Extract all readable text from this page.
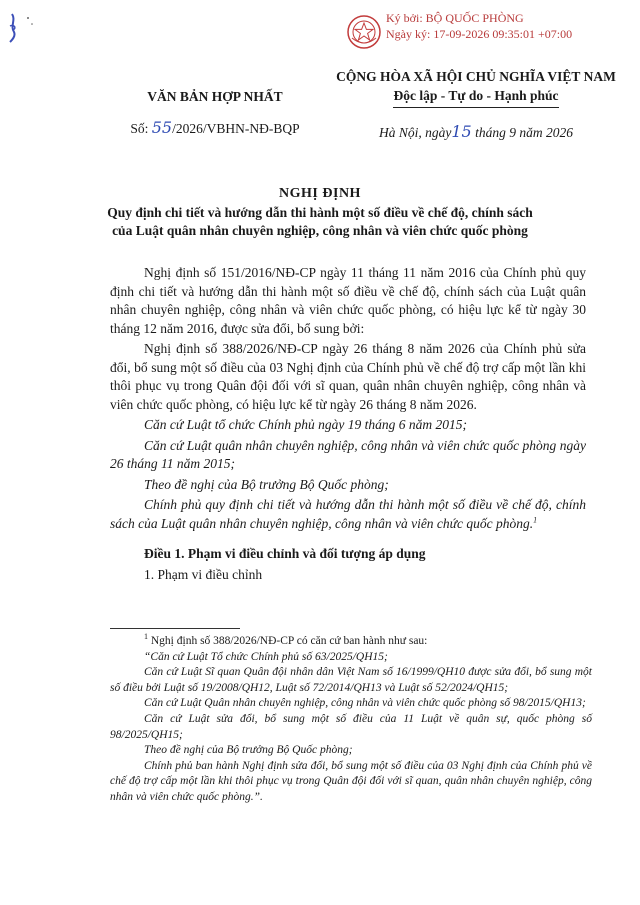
Ký bởi: BỘ QUỐC PHÒNG
Ngày ký: 17-09-2026 09:35:01 +07:00
VĂN BẢN HỢP NHẤT
Số: 55/2026/VBHN-NĐ-BQP
CỘNG HÒA XÃ HỘI CHỦ NGHĨA VIỆT NAM
Độc lập - Tự do - Hạnh phúc
Hà Nội, ngày15 tháng 9 năm 2026
NGHỊ ĐỊNH
Quy định chi tiết và hướng dẫn thi hành một số điều về chế độ, chính sách
của Luật quân nhân chuyên nghiệp, công nhân và viên chức quốc phòng

Nghị định số 151/2016/NĐ-CP ngày 11 tháng 11 năm 2016 của Chính phủ quy định chi tiết và hướng dẫn thi hành một số điều về chế độ, chính sách của Luật quân nhân chuyên nghiệp, công nhân và viên chức quốc phòng, có hiệu lực kể từ ngày 30 tháng 12 năm 2016, được sửa đổi, bổ sung bởi:

Nghị định số 388/2026/NĐ-CP ngày 26 tháng 8 năm 2026 của Chính phủ sửa đổi, bổ sung một số điều của 03 Nghị định của Chính phủ về chế độ trợ cấp một lần khi thôi phục vụ trong Quân đội đối với sĩ quan, quân nhân chuyên nghiệp, công nhân và viên chức quốc phòng, có hiệu lực kể từ ngày 26 tháng 8 năm 2026.

Căn cứ Luật tổ chức Chính phủ ngày 19 tháng 6 năm 2015;

Căn cứ Luật quân nhân chuyên nghiệp, công nhân và viên chức quốc phòng ngày 26 tháng 11 năm 2015;

Theo đề nghị của Bộ trưởng Bộ Quốc phòng;

Chính phủ quy định chi tiết và hướng dẫn thi hành một số điều về chế độ, chính sách của Luật quân nhân chuyên nghiệp, công nhân và viên chức quốc phòng.$^1$

Điều 1. Phạm vi điều chỉnh và đối tượng áp dụng

1. Phạm vi điều chỉnh

$^1$ Nghị định số 388/2026/NĐ-CP có căn cứ ban hành như sau:

“Căn cứ Luật Tổ chức Chính phủ số 63/2025/QH15;

Căn cứ Luật Sĩ quan Quân đội nhân dân Việt Nam số 16/1999/QH10 được sửa đổi, bổ sung một số điều bởi Luật số 19/2008/QH12, Luật số 72/2014/QH13 và Luật số 52/2024/QH15;

Căn cứ Luật Quân nhân chuyên nghiệp, công nhân và viên chức quốc phòng số 98/2015/QH13;

Căn cứ Luật sửa đổi, bổ sung một số điều của 11 Luật về quân sự, quốc phòng số 98/2025/QH15;

Theo đề nghị của Bộ trưởng Bộ Quốc phòng;

Chính phủ ban hành Nghị định sửa đổi, bổ sung một số điều của 03 Nghị định của Chính phủ về chế độ trợ cấp một lần khi thôi phục vụ trong Quân đội đối với sĩ quan, quân nhân chuyên nghiệp, công nhân và viên chức quốc phòng.”.
